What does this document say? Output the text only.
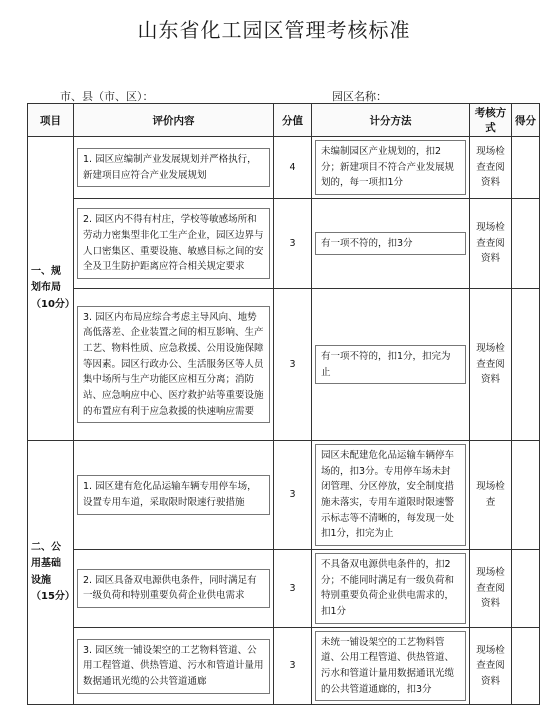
山东省化工园区管理考核标准
市、县（市、区）：	园区名称：
项目	评价内容	分值	计分方法	考核方式	得分
一、规划布局（10分）	1. 园区应编制产业发展规划并严格执行，新建项目应符合产业发展规划	4	未编制园区产业规划的，扣2分；新建项目不符合产业发展规划的，每一项扣1分	现场检查查阅资料	

	2. 园区内不得有村庄，学校等敏感场所和劳动力密集型非化工生产企业，园区边界与人口密集区、重要设施、敏感目标之间的安全及卫生防护距离应符合相关规定要求	3	有一项不符的，扣3分	现场检查查阅资料	

	3. 园区内布局应综合考虑主导风向、地势高低落差、企业装置之间的相互影响、生产工艺、物料性质、应急救援、公用设施保障等因素。园区行政办公、生活服务区等人员集中场所与生产功能区应相互分离；消防站、应急响应中心、医疗救护站等重要设施的布置应有利于应急救援的快速响应需要	3	有一项不符的，扣1分，扣完为止	现场检查查阅资料	
二、公用基础设施（15分）	1. 园区建有危化品运输车辆专用停车场，设置专用车道，采取限时限速行驶措施	3	园区未配建危化品运输车辆停车场的，扣3分。专用停车场未封闭管理、分区停放，安全制度措施未落实，专用车道限时限速警示标志等不清晰的，每发现一处扣1分，扣完为止	现场检查	

	2. 园区具备双电源供电条件，同时满足有一级负荷和特别重要负荷企业供电需求	3	不具备双电源供电条件的，扣2分；不能同时满足有一级负荷和特别重要负荷企业供电需求的，扣1分	现场检查查阅资料	

	3. 园区统一铺设架空的工艺物料管道、公用工程管道、供热管道、污水和管道计量用数据通讯光缆的公共管道通廊	3	未统一铺设架空的工艺物料管道、公用工程管道、供热管道、污水和管道计量用数据通讯光缆的公共管道通廊的，扣3分	现场检查查阅资料	
